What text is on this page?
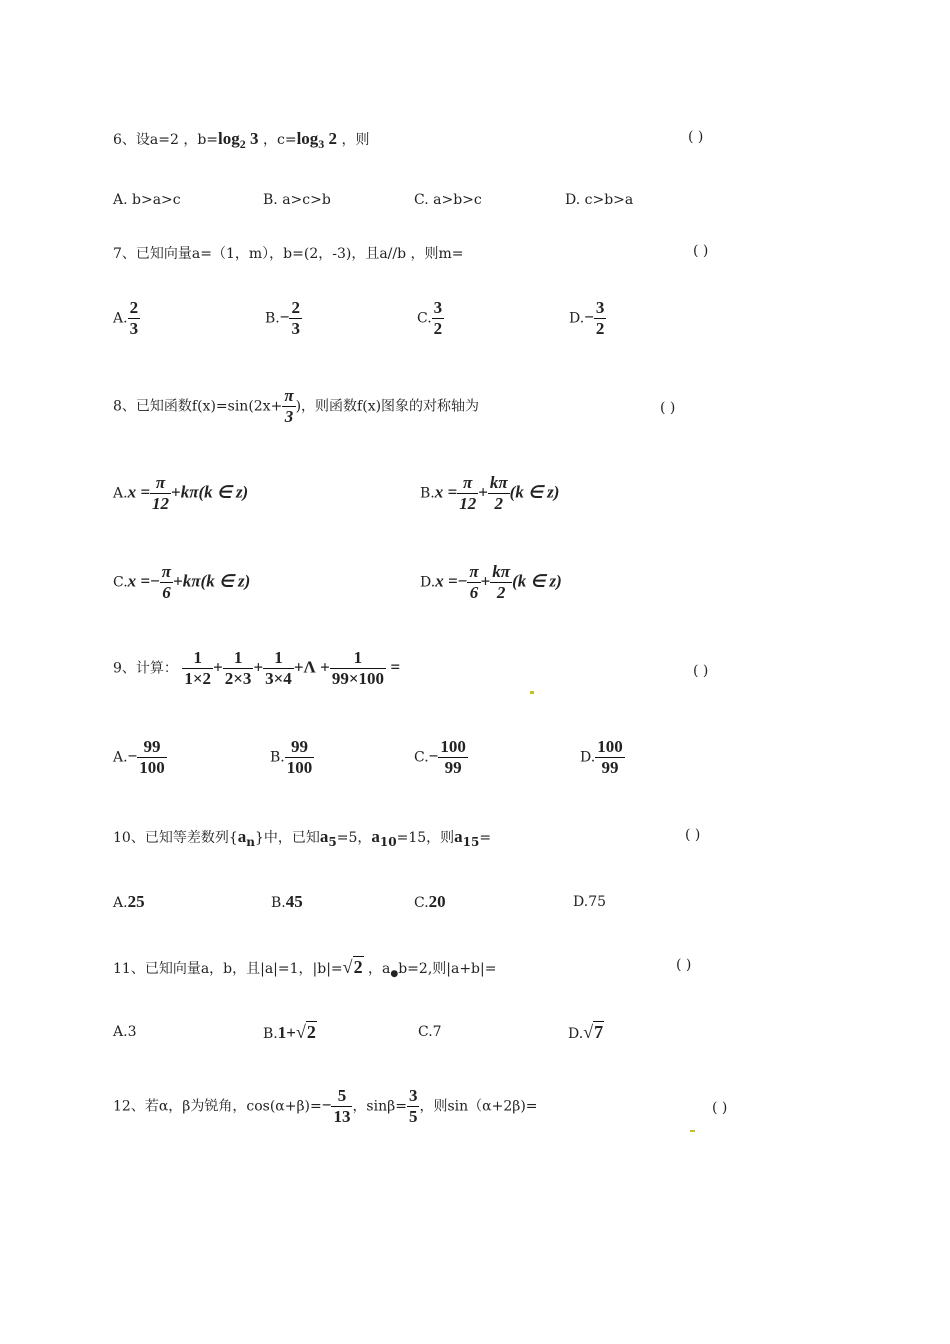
6、设a=2 ，$b=\log_2$ 3 ，$c=\log_3$ 2 ，则	( )
A. b>a>c	B. a>c>b	C. a>b>c	D. c>b>a
7、已知向量a=（1，m），b=(2，-3)，且a//b ，则m=	( )
A. $\frac{2}{3}$	$B.- \frac{2}{3}$	C. $\frac{3}{2}$	$D.- \frac{3}{2}$
8、已知函数$f(x)=\sin(2x+ \frac{\pi}{3}$ )，则函数f(x)图象的对称轴为	( )
$A.x = \frac{\pi}{12} +k\pi(k$ ∈ z)	$B.x = \frac{\pi}{12} + \frac{k\pi}{2} (k$ ∈ z)
$C.x =- \frac{\pi}{6} +k\pi(k$ ∈ z)	$D.x =- \frac{\pi}{6} + \frac{k\pi}{2} (k$ ∈ z)
9、计算： $\frac{1}{1\times 2} + \frac{1}{2\times 3} + \frac{1}{3\times 4} +\Lambda + \frac{1}{99\times 100}$ =	( )
$A.- \frac{99}{100}$	B. $\frac{99}{100}$	$C.- \frac{100}{99}$	D. $\frac{100}{99}$
10、已知等差数列{an}中，已知a5=5，a10=15，则a15=	( )
A.25	B.45	C.20	D.75
11、已知向量a，b，且|a|=1，|b|=√2 ，$a_●b=2$,则|a+b|=	( )
A.3	B.1+√2	C.7	D.√7
12、若α，β为锐角，$\cos(\alpha+\beta)=- \frac{5}{13}$ ，$\sin\beta= \frac{3}{5}$ ，则sin（α+2β)=	( )
